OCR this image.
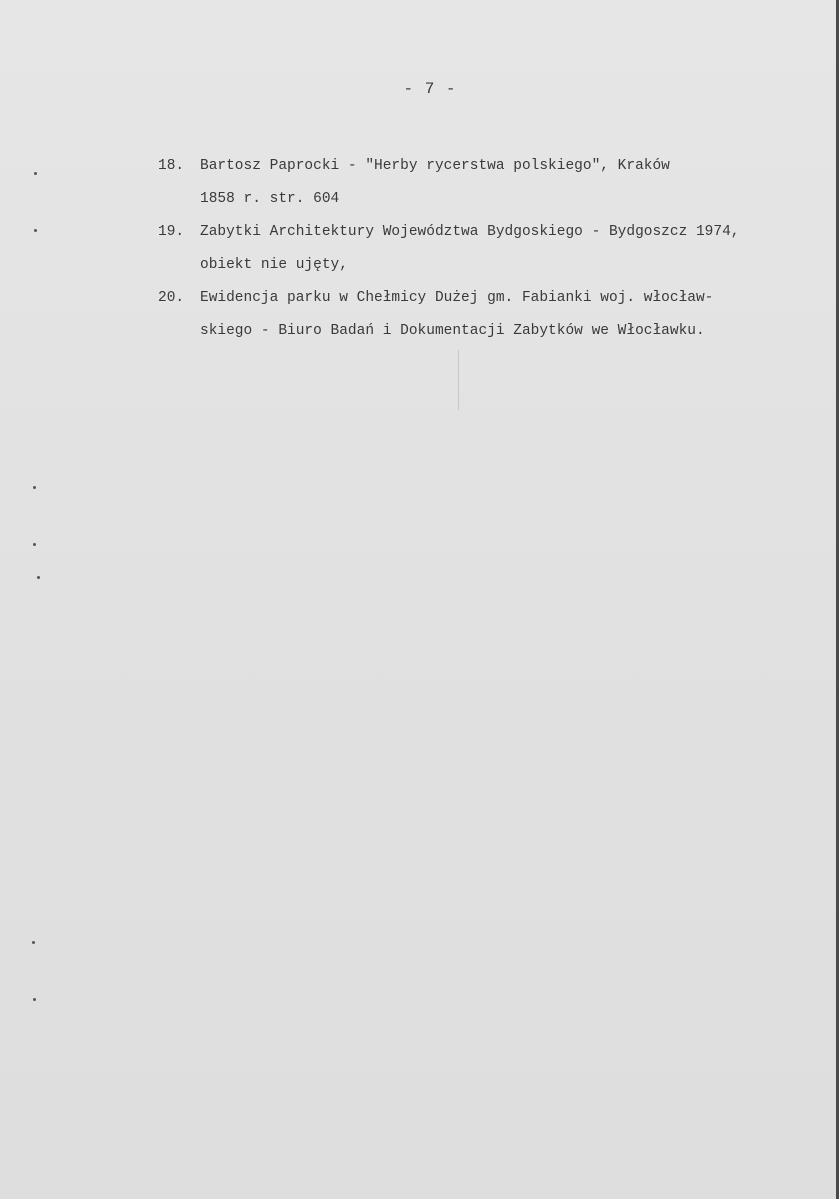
- 7 -
18. Bartosz Paprocki - "Herby rycerstwa polskiego", Kraków
1858 r. str. 604
19. Zabytki Architektury Województwa Bydgoskiego - Bydgoszcz 1974,
obiekt nie ujęty,
20. Ewidencja parku w Chełmicy Dużej gm. Fabianki woj. włocław-
skiego - Biuro Badań i Dokumentacji Zabytków we Włocławku.
